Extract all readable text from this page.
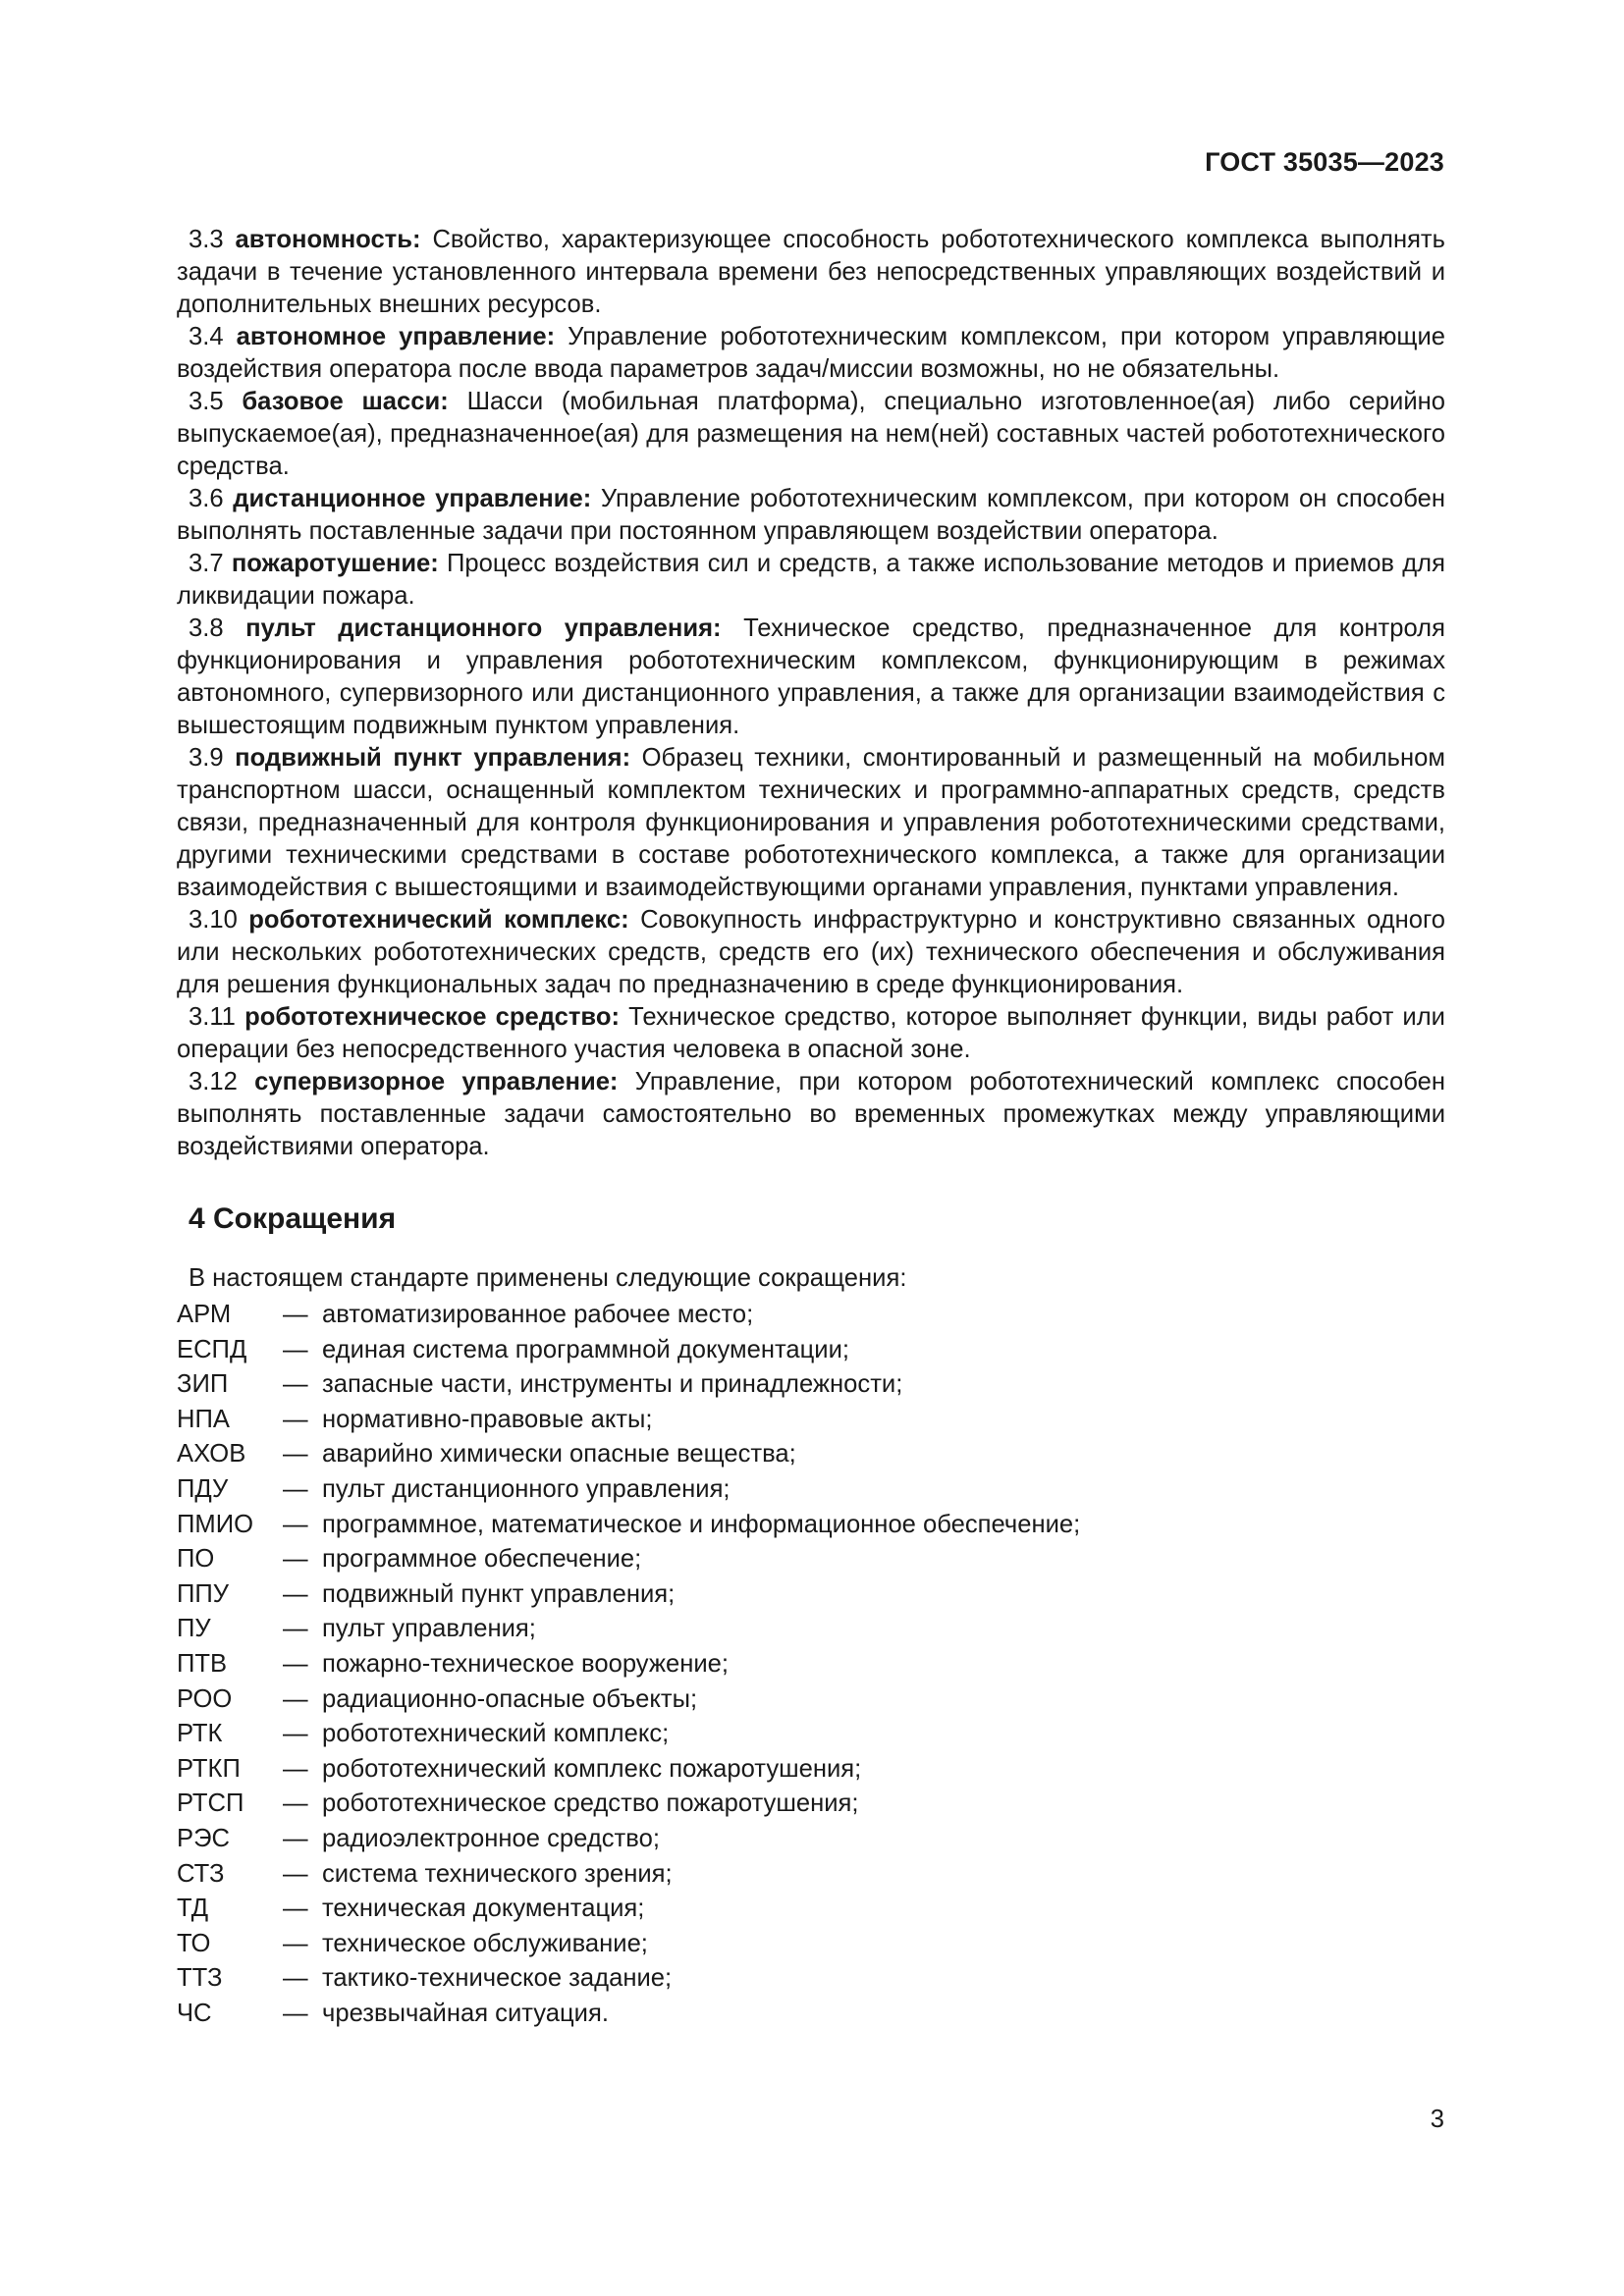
ГОСТ 35035—2023

3.3 автономность: Свойство, характеризующее способность робототехнического комплекса выполнять задачи в течение установленного интервала времени без непосредственных управляющих воздействий и дополнительных внешних ресурсов.

3.4 автономное управление: Управление робототехническим комплексом, при котором управляющие воздействия оператора после ввода параметров задач/миссии возможны, но не обязательны.

3.5 базовое шасси: Шасси (мобильная платформа), специально изготовленное(ая) либо серийно выпускаемое(ая), предназначенное(ая) для размещения на нем(ней) составных частей робототехнического средства.

3.6 дистанционное управление: Управление робототехническим комплексом, при котором он способен выполнять поставленные задачи при постоянном управляющем воздействии оператора.

3.7 пожаротушение: Процесс воздействия сил и средств, а также использование методов и приемов для ликвидации пожара.

3.8 пульт дистанционного управления: Техническое средство, предназначенное для контроля функционирования и управления робототехническим комплексом, функционирующим в режимах автономного, супервизорного или дистанционного управления, а также для организации взаимодействия с вышестоящим подвижным пунктом управления.

3.9 подвижный пункт управления: Образец техники, смонтированный и размещенный на мобильном транспортном шасси, оснащенный комплектом технических и программно-аппаратных средств, средств связи, предназначенный для контроля функционирования и управления робототехническими средствами, другими техническими средствами в составе робототехнического комплекса, а также для организации взаимодействия с вышестоящими и взаимодействующими органами управления, пунктами управления.

3.10 робототехнический комплекс: Совокупность инфраструктурно и конструктивно связанных одного или нескольких робототехнических средств, средств его (их) технического обеспечения и обслуживания для решения функциональных задач по предназначению в среде функционирования.

3.11 робототехническое средство: Техническое средство, которое выполняет функции, виды работ или операции без непосредственного участия человека в опасной зоне.

3.12 супервизорное управление: Управление, при котором робототехнический комплекс способен выполнять поставленные задачи самостоятельно во временных промежутках между управляющими воздействиями оператора.

4 Сокращения
В настоящем стандарте применены следующие сокращения:
АРМ	— автоматизированное рабочее место;
ЕСПД	— единая система программной документации;
ЗИП	— запасные части, инструменты и принадлежности;
НПА	— нормативно-правовые акты;
АХОВ	— аварийно химически опасные вещества;
ПДУ	— пульт дистанционного управления;
ПМИО	— программное, математическое и информационное обеспечение;
ПО	— программное обеспечение;
ППУ	— подвижный пункт управления;
ПУ	— пульт управления;
ПТВ	— пожарно-техническое вооружение;
РОО	— радиационно-опасные объекты;
РТК	— робототехнический комплекс;
РТКП	— робототехнический комплекс пожаротушения;
РТСП	— робототехническое средство пожаротушения;
РЭС	— радиоэлектронное средство;
СТЗ	— система технического зрения;
ТД	— техническая документация;
ТО	— техническое обслуживание;
ТТЗ	— тактико-техническое задание;
ЧС	— чрезвычайная ситуация.
3
